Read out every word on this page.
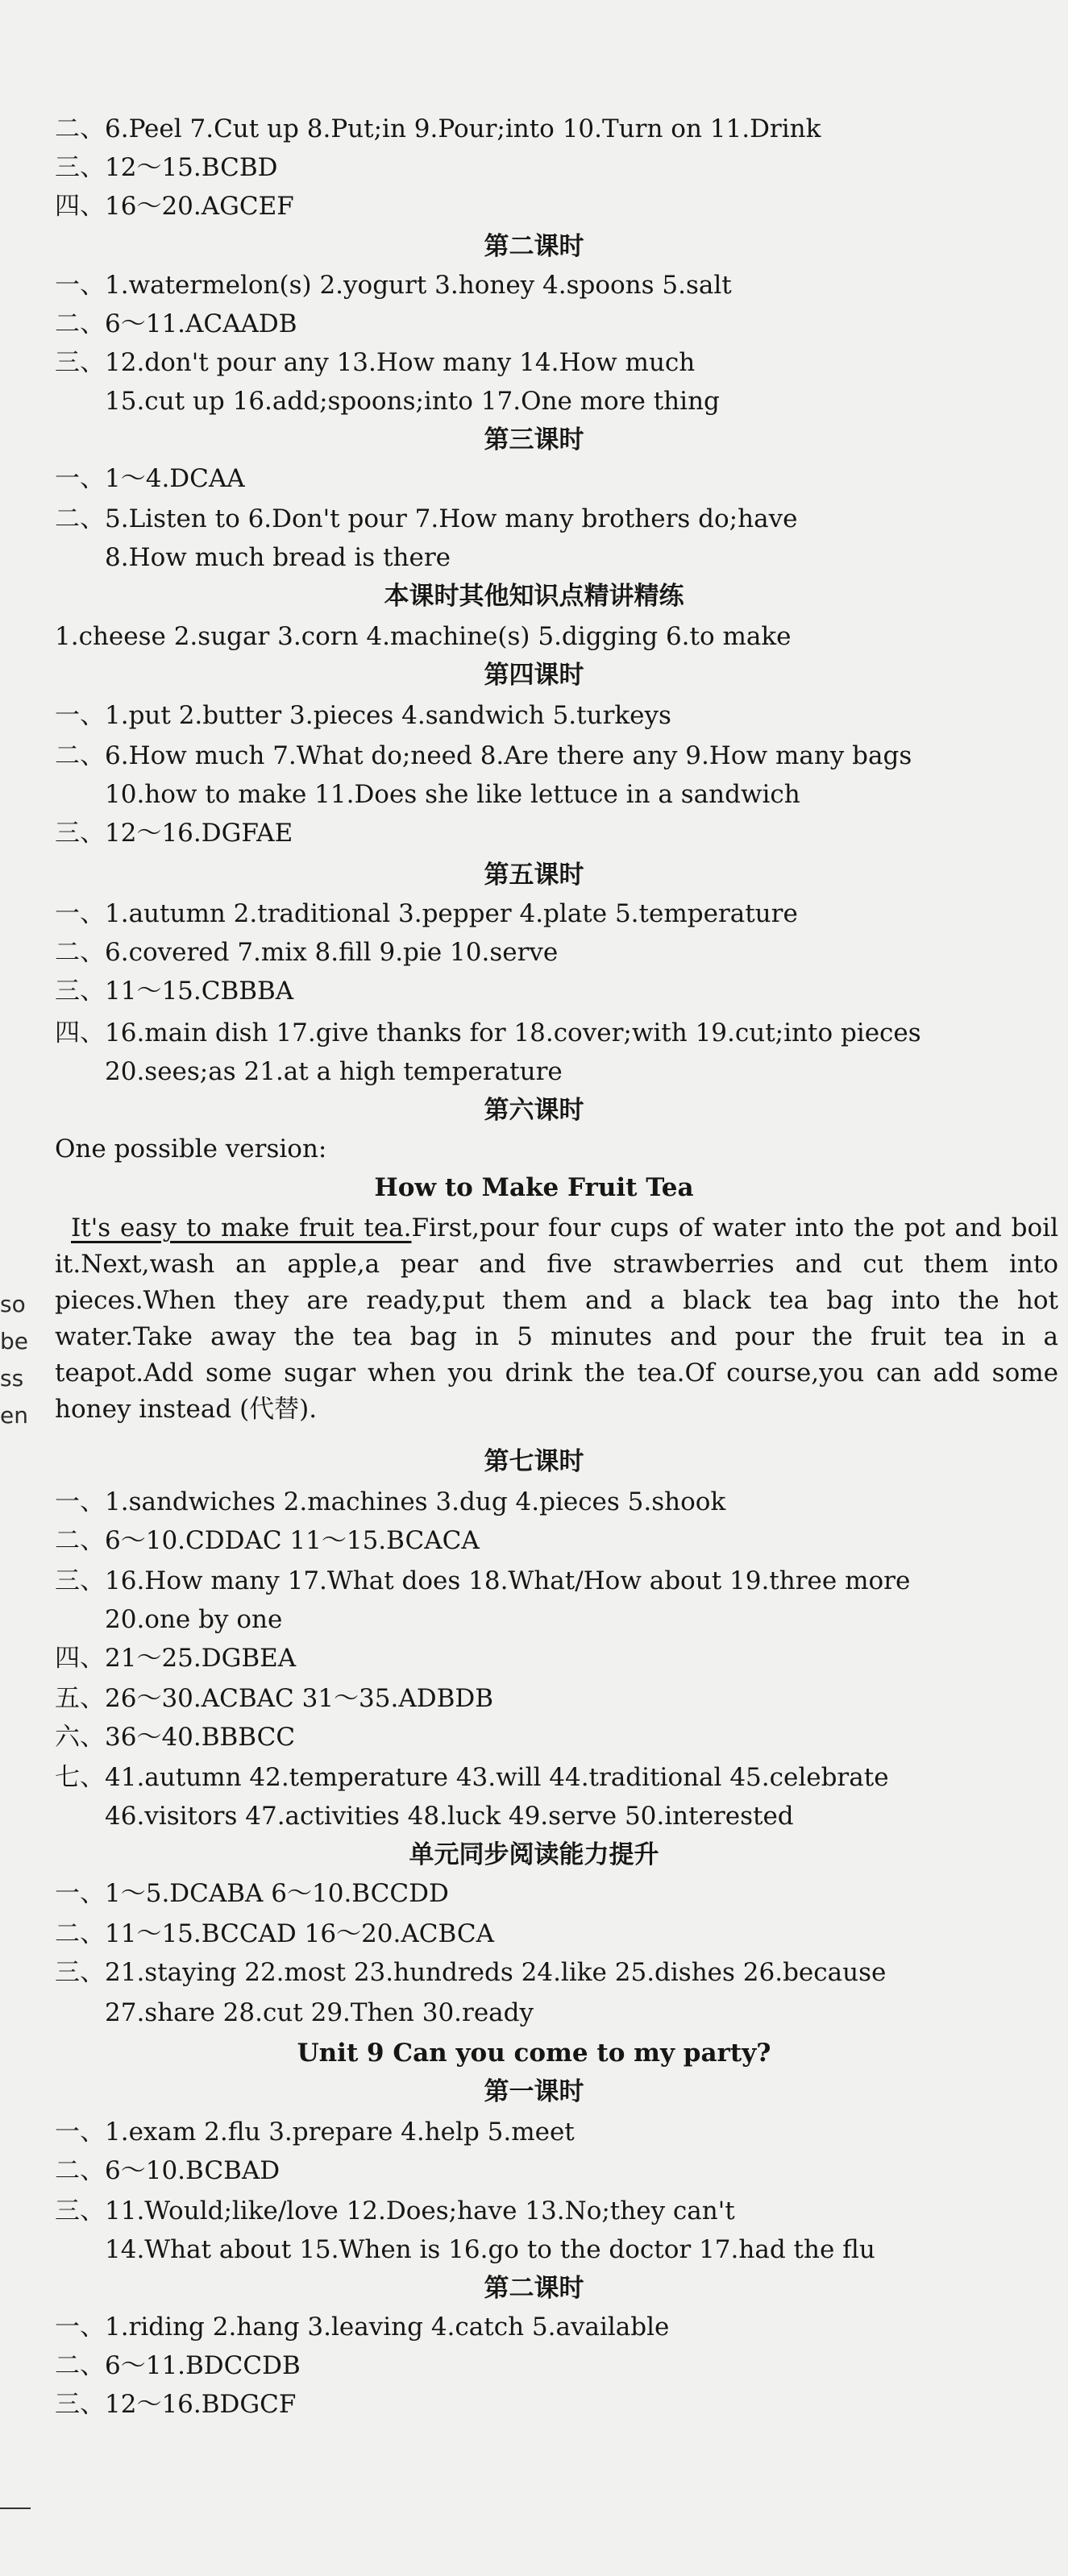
二、6.Peel 7.Cut up 8.Put;in 9.Pour;into 10.Turn on 11.Drink
三、12～15.BCBD
四、16～20.AGCEF
第二课时
一、1.watermelon(s) 2.yogurt 3.honey 4.spoons 5.salt
二、6～11.ACAADB
三、12.don't pour any 13.How many 14.How much
15.cut up 16.add;spoons;into 17.One more thing
第三课时
一、1～4.DCAA
二、5.Listen to 6.Don't pour 7.How many brothers do;have
8.How much bread is there
本课时其他知识点精讲精练
1.cheese 2.sugar 3.corn 4.machine(s) 5.digging 6.to make
第四课时
一、1.put 2.butter 3.pieces 4.sandwich 5.turkeys
二、6.How much 7.What do;need 8.Are there any 9.How many bags
10.how to make 11.Does she like lettuce in a sandwich
三、12～16.DGFAE
第五课时
一、1.autumn 2.traditional 3.pepper 4.plate 5.temperature
二、6.covered 7.mix 8.fill 9.pie 10.serve
三、11～15.CBBBA
四、16.main dish 17.give thanks for 18.cover;with 19.cut;into pieces
20.sees;as 21.at a high temperature
第六课时
One possible version:
How to Make Fruit Tea
It's easy to make fruit tea.First,pour four cups of water into the pot and boil it.Next,wash an apple,a pear and five strawberries and cut them into pieces.When they are ready,put them and a black tea bag into the hot water.Take away the tea bag in 5 minutes and pour the fruit tea in a teapot.Add some sugar when you drink the tea.Of course,you can add some honey instead (代替).
第七课时
一、1.sandwiches 2.machines 3.dug 4.pieces 5.shook
二、6～10.CDDAC 11～15.BCACA
三、16.How many 17.What does 18.What/How about 19.three more
20.one by one
四、21～25.DGBEA
五、26～30.ACBAC 31～35.ADBDB
六、36～40.BBBCC
七、41.autumn 42.temperature 43.will 44.traditional 45.celebrate
46.visitors 47.activities 48.luck 49.serve 50.interested
单元同步阅读能力提升
一、1～5.DCABA 6～10.BCCDD
二、11～15.BCCAD 16～20.ACBCA
三、21.staying 22.most 23.hundreds 24.like 25.dishes 26.because
27.share 28.cut 29.Then 30.ready
Unit 9 Can you come to my party?
第一课时
一、1.exam 2.flu 3.prepare 4.help 5.meet
二、6～10.BCBAD
三、11.Would;like/love 12.Does;have 13.No;they can't
14.What about 15.When is 16.go to the doctor 17.had the flu
第二课时
一、1.riding 2.hang 3.leaving 4.catch 5.available
二、6～11.BDCCDB
三、12～16.BDGCF
so
be
ss
en
